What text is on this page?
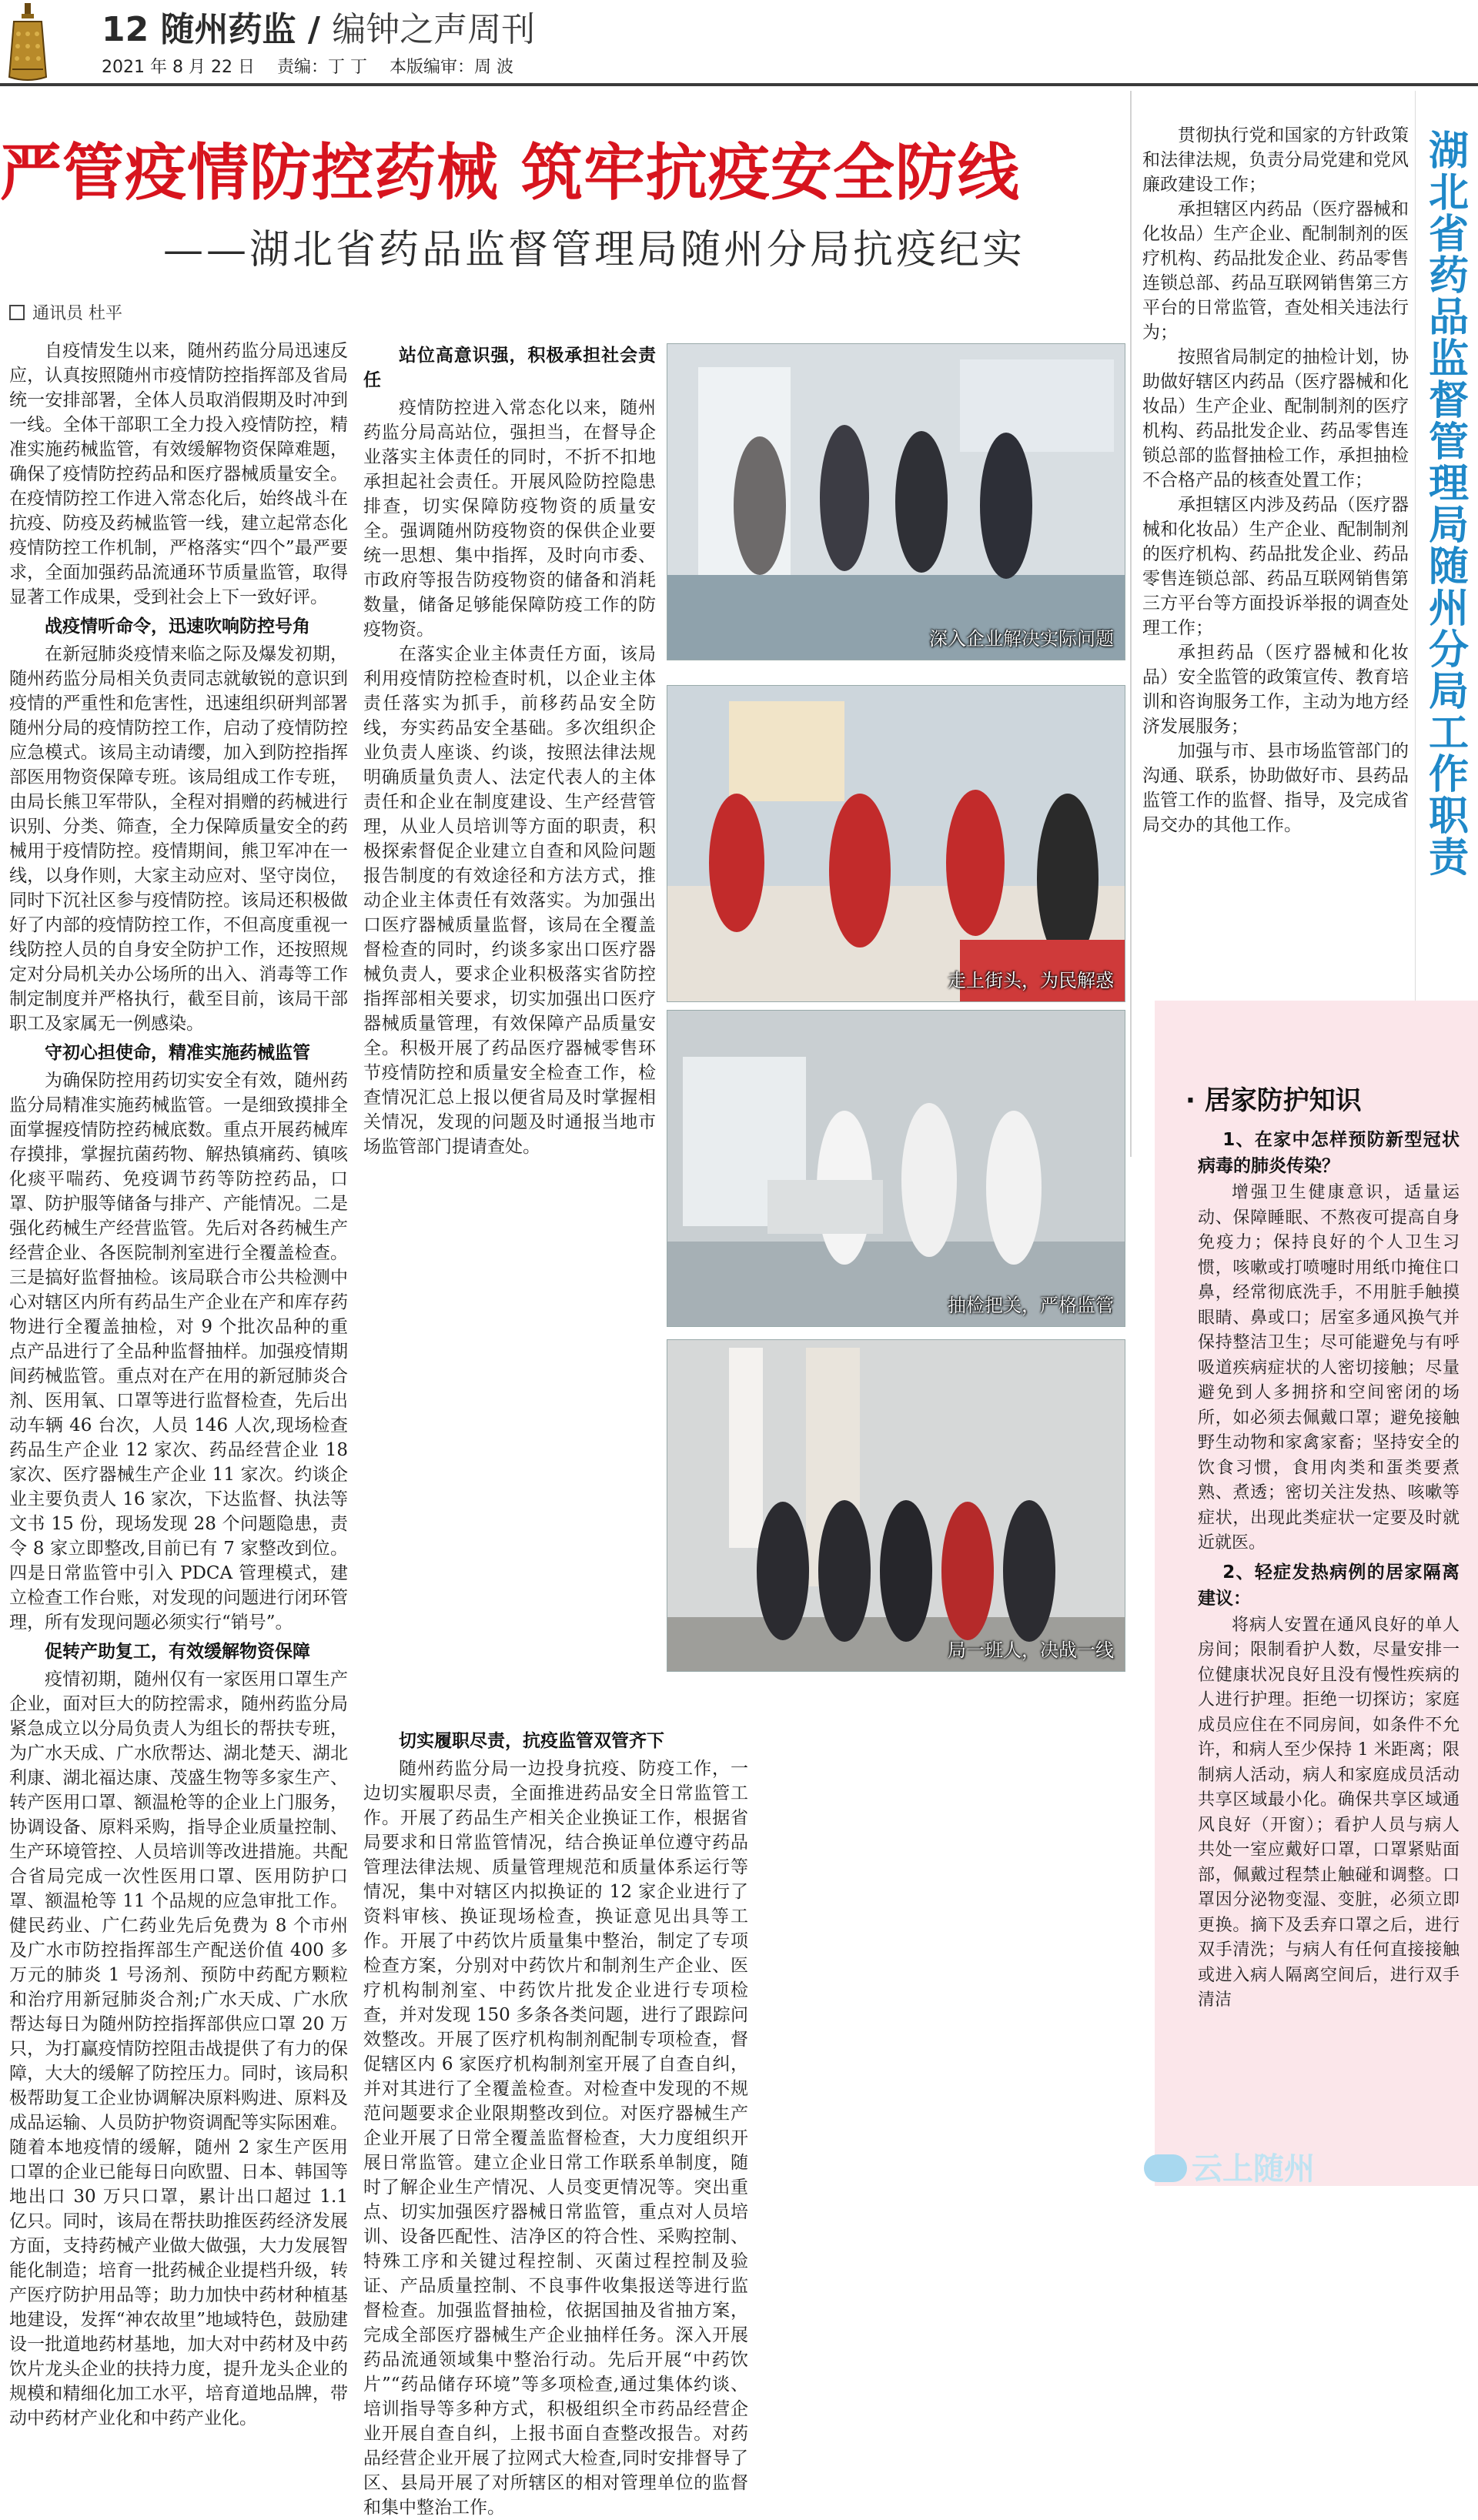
12 随州药监 / 编钟之声周刊
2021 年 8 月 22 日 责编：丁 丁 本版编审：周 波
严管疫情防控药械 筑牢抗疫安全防线
——湖北省药品监督管理局随州分局抗疫纪实
通讯员 杜平

自疫情发生以来，随州药监分局迅速反应，认真按照随州市疫情防控指挥部及省局统一安排部署，全体人员取消假期及时冲到一线。全体干部职工全力投入疫情防控，精准实施药械监管，有效缓解物资保障难题，确保了疫情防控药品和医疗器械质量安全。在疫情防控工作进入常态化后，始终战斗在抗疫、防疫及药械监管一线，建立起常态化疫情防控工作机制，严格落实“四个”最严要求，全面加强药品流通环节质量监管，取得显著工作成果，受到社会上下一致好评。

战疫情听命令，迅速吹响防控号角

在新冠肺炎疫情来临之际及爆发初期，随州药监分局相关负责同志就敏锐的意识到疫情的严重性和危害性，迅速组织研判部署随州分局的疫情防控工作，启动了疫情防控应急模式。该局主动请缨，加入到防控指挥部医用物资保障专班。该局组成工作专班，由局长熊卫军带队，全程对捐赠的药械进行识别、分类、筛查，全力保障质量安全的药械用于疫情防控。疫情期间，熊卫军冲在一线，以身作则，大家主动应对、坚守岗位，同时下沉社区参与疫情防控。该局还积极做好了内部的疫情防控工作，不但高度重视一线防控人员的自身安全防护工作，还按照规定对分局机关办公场所的出入、消毒等工作制定制度并严格执行，截至目前，该局干部职工及家属无一例感染。

守初心担使命，精准实施药械监管

为确保防控用药切实安全有效，随州药监分局精准实施药械监管。一是细致摸排全面掌握疫情防控药械底数。重点开展药械库存摸排，掌握抗菌药物、解热镇痛药、镇咳化痰平喘药、免疫调节药等防控药品，口罩、防护服等储备与排产、产能情况。二是强化药械生产经营监管。先后对各药械生产经营企业、各医院制剂室进行全覆盖检查。三是搞好监督抽检。该局联合市公共检测中心对辖区内所有药品生产企业在产和库存药物进行全覆盖抽检，对 9 个批次品种的重点产品进行了全品种监督抽样。加强疫情期间药械监管。重点对在产在用的新冠肺炎合剂、医用氧、口罩等进行监督检查，先后出动车辆 46 台次，人员 146 人次,现场检查药品生产企业 12 家次、药品经营企业 18 家次、医疗器械生产企业 11 家次。约谈企业主要负责人 16 家次，下达监督、执法等文书 15 份，现场发现 28 个问题隐患，责令 8 家立即整改,目前已有 7 家整改到位。四是日常监管中引入 PDCA 管理模式，建立检查工作台账，对发现的问题进行闭环管理，所有发现问题必须实行“销号”。

促转产助复工，有效缓解物资保障

疫情初期，随州仅有一家医用口罩生产企业，面对巨大的防控需求，随州药监分局紧急成立以分局负责人为组长的帮扶专班，为广水天成、广水欣帮达、湖北楚天、湖北利康、湖北福达康、茂盛生物等多家生产、转产医用口罩、额温枪等的企业上门服务，协调设备、原料采购，指导企业质量控制、生产环境管控、人员培训等改进措施。共配合省局完成一次性医用口罩、医用防护口罩、额温枪等 11 个品规的应急审批工作。健民药业、广仁药业先后免费为 8 个市州及广水市防控指挥部生产配送价值 400 多万元的肺炎 1 号汤剂、预防中药配方颗粒和治疗用新冠肺炎合剂;广水天成、广水欣帮达每日为随州防控指挥部供应口罩 20 万只，为打赢疫情防控阻击战提供了有力的保障，大大的缓解了防控压力。同时，该局积极帮助复工企业协调解决原料购进、原料及成品运输、人员防护物资调配等实际困难。随着本地疫情的缓解，随州 2 家生产医用口罩的企业已能每日向欧盟、日本、韩国等地出口 30 万只口罩，累计出口超过 1.1 亿只。同时，该局在帮扶助推医药经济发展方面，支持药械产业做大做强，大力发展智能化制造；培育一批药械企业提档升级，转产医疗防护用品等；助力加快中药材种植基地建设，发挥“神农故里”地域特色，鼓励建设一批道地药材基地，加大对中药材及中药饮片龙头企业的扶持力度，提升龙头企业的规模和精细化加工水平，培育道地品牌，带动中药材产业化和中药产业化。

站位高意识强，积极承担社会责任

疫情防控进入常态化以来，随州药监分局高站位，强担当，在督导企业落实主体责任的同时，不折不扣地承担起社会责任。开展风险防控隐患排查，切实保障防疫物资的质量安全。强调随州防疫物资的保供企业要统一思想、集中指挥，及时向市委、市政府等报告防疫物资的储备和消耗数量，储备足够能保障防疫工作的防疫物资。

在落实企业主体责任方面，该局利用疫情防控检查时机，以企业主体责任落实为抓手，前移药品安全防线，夯实药品安全基础。多次组织企业负责人座谈、约谈，按照法律法规明确质量负责人、法定代表人的主体责任和企业在制度建设、生产经营管理，从业人员培训等方面的职责，积极探索督促企业建立自查和风险问题报告制度的有效途径和方法方式，推动企业主体责任有效落实。为加强出口医疗器械质量监督，该局在全覆盖督检查的同时，约谈多家出口医疗器械负责人，要求企业积极落实省防控指挥部相关要求，切实加强出口医疗器械质量管理，有效保障产品质量安全。积极开展了药品医疗器械零售环节疫情防控和质量安全检查工作，检查情况汇总上报以便省局及时掌握相关情况，发现的问题及时通报当地市场监管部门提请查处。

切实履职尽责，抗疫监管双管齐下

随州药监分局一边投身抗疫、防疫工作，一边切实履职尽责，全面推进药品安全日常监管工作。开展了药品生产相关企业换证工作，根据省局要求和日常监管情况，结合换证单位遵守药品管理法律法规、质量管理规范和质量体系运行等情况，集中对辖区内拟换证的 12 家企业进行了资料审核、换证现场检查，换证意见出具等工作。开展了中药饮片质量集中整治，制定了专项检查方案，分别对中药饮片和制剂生产企业、医疗机构制剂室、中药饮片批发企业进行专项检查，并对发现 150 多条各类问题，进行了跟踪问效整改。开展了医疗机构制剂配制专项检查，督促辖区内 6 家医疗机构制剂室开展了自查自纠，并对其进行了全覆盖检查。对检查中发现的不规范问题要求企业限期整改到位。对医疗器械生产企业开展了日常全覆盖监督检查，大力度组织开展日常监管。建立企业日常工作联系单制度，随时了解企业生产情况、人员变更情况等。突出重点、切实加强医疗器械日常监管，重点对人员培训、设备匹配性、洁净区的符合性、采购控制、特殊工序和关键过程控制、灭菌过程控制及验证、产品质量控制、不良事件收集报送等进行监督检查。加强监督抽检，依据国抽及省抽方案，完成全部医疗器械生产企业抽样任务。深入开展药品流通领域集中整治行动。先后开展“中药饮片”“药品储存环境”等多项检查,通过集体约谈、培训指导等多种方式，积极组织全市药品经营企业开展自查自纠，上报书面自查整改报告。对药品经营企业开展了拉网式大检查,同时安排督导了区、县局开展了对所辖区的相对管理单位的监督和集中整治工作。

深入企业解决实际问题
走上街头，为民解惑
抽检把关，严格监管
局一班人，决战一线

贯彻执行党和国家的方针政策和法律法规，负责分局党建和党风廉政建设工作；

承担辖区内药品（医疗器械和化妆品）生产企业、配制制剂的医疗机构、药品批发企业、药品零售连锁总部、药品互联网销售第三方平台的日常监管，查处相关违法行为；

按照省局制定的抽检计划，协助做好辖区内药品（医疗器械和化妆品）生产企业、配制制剂的医疗机构、药品批发企业、药品零售连锁总部的监督抽检工作，承担抽检不合格产品的核查处置工作；

承担辖区内涉及药品（医疗器械和化妆品）生产企业、配制制剂的医疗机构、药品批发企业、药品零售连锁总部、药品互联网销售第三方平台等方面投诉举报的调查处理工作；

承担药品（医疗器械和化妆品）安全监管的政策宣传、教育培训和咨询服务工作，主动为地方经济发展服务；

加强与市、县市场监管部门的沟通、联系，协助做好市、县药品监管工作的监督、指导，及完成省局交办的其他工作。

湖北省药品监督管理局随州分局工作职责
· 居家防护知识
1、在家中怎样预防新型冠状病毒的肺炎传染？

增强卫生健康意识，适量运动、保障睡眠、不熬夜可提高自身免疫力；保持良好的个人卫生习惯，咳嗽或打喷嚏时用纸巾掩住口鼻，经常彻底洗手，不用脏手触摸眼睛、鼻或口；居室多通风换气并保持整洁卫生；尽可能避免与有呼吸道疾病症状的人密切接触；尽量避免到人多拥挤和空间密闭的场所，如必须去佩戴口罩；避免接触野生动物和家禽家畜；坚持安全的饮食习惯，食用肉类和蛋类要煮熟、煮透；密切关注发热、咳嗽等症状，出现此类症状一定要及时就近就医。

2、轻症发热病例的居家隔离建议：

将病人安置在通风良好的单人房间；限制看护人数，尽量安排一位健康状况良好且没有慢性疾病的人进行护理。拒绝一切探访；家庭成员应住在不同房间，如条件不允许，和病人至少保持 1 米距离；限制病人活动，病人和家庭成员活动共享区域最小化。确保共享区域通风良好（开窗）；看护人员与病人共处一室应戴好口罩，口罩紧贴面部，佩戴过程禁止触碰和调整。口罩因分泌物变湿、变脏，必须立即更换。摘下及丢弃口罩之后，进行双手清洗；与病人有任何直接接触或进入病人隔离空间后，进行双手清洁

云上随州
